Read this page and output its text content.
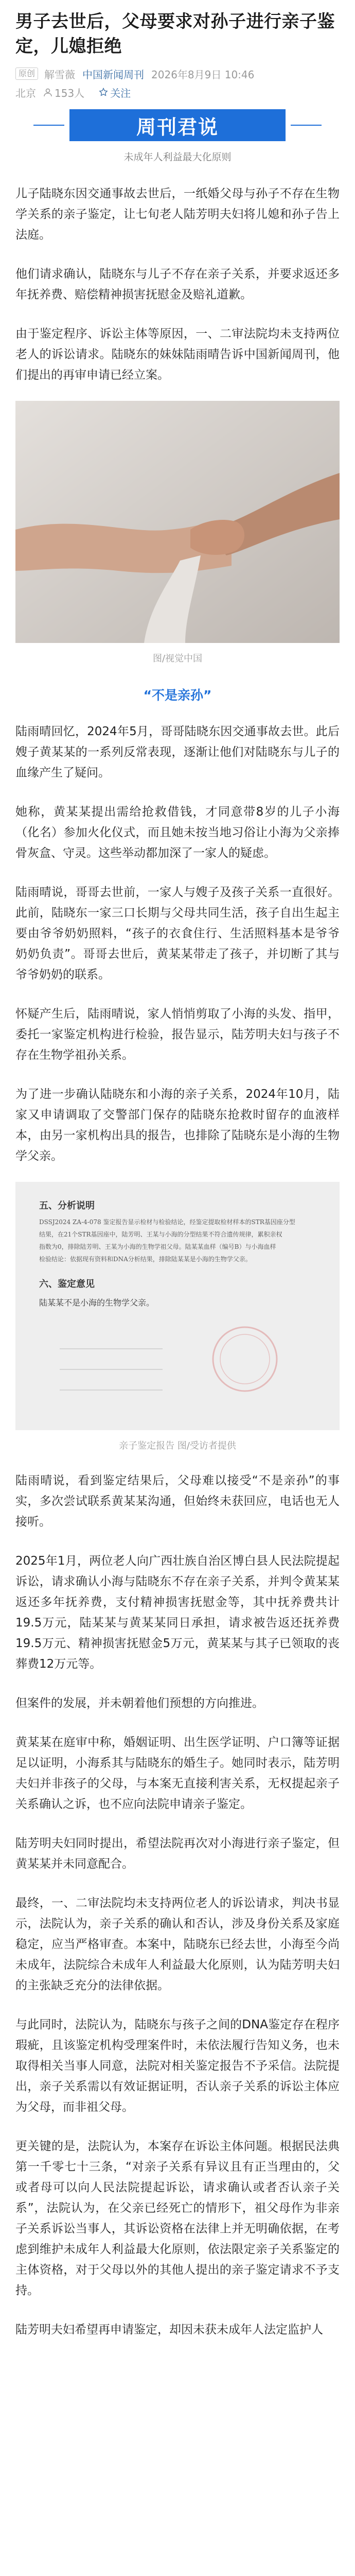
男子去世后，父母要求对孙子进行亲子鉴定，儿媳拒绝
原创 解雪薇 中国新闻周刊 2026年8月9日 10:46
北京 153人	关注
周刊君说
未成年人利益最大化原则

儿子陆晓东因交通事故去世后，一纸婚父母与孙子不存在生物学关系的亲子鉴定，让七旬老人陆芳明夫妇将儿媳和孙子告上法庭。

他们请求确认，陆晓东与儿子不存在亲子关系，并要求返还多年抚养费、赔偿精神损害抚慰金及赔礼道歉。

由于鉴定程序、诉讼主体等原因，一、二审法院均未支持两位老人的诉讼请求。陆晓东的妹妹陆雨晴告诉中国新闻周刊，他们提出的再审申请已经立案。

图/视觉中国
“不是亲孙”

陆雨晴回忆，2024年5月，哥哥陆晓东因交通事故去世。此后嫂子黄某某的一系列反常表现，逐渐让他们对陆晓东与儿子的血缘产生了疑问。

她称，黄某某提出需给抢救借钱，才同意带8岁的儿子小海（化名）参加火化仪式，而且她未按当地习俗让小海为父亲捧骨灰盒、守灵。这些举动都加深了一家人的疑虑。

陆雨晴说，哥哥去世前，一家人与嫂子及孩子关系一直很好。此前，陆晓东一家三口长期与父母共同生活，孩子自出生起主要由爷爷奶奶照料，“孩子的衣食住行、生活照料基本是爷爷奶奶负责”。哥哥去世后，黄某某带走了孩子，并切断了其与爷爷奶奶的联系。

怀疑产生后，陆雨晴说，家人悄悄剪取了小海的头发、指甲，委托一家鉴定机构进行检验，报告显示，陆芳明夫妇与孩子不存在生物学祖孙关系。

为了进一步确认陆晓东和小海的亲子关系，2024年10月，陆家又申请调取了交警部门保存的陆晓东抢救时留存的血液样本，由另一家机构出具的报告，也排除了陆晓东是小海的生物学父亲。

五、分析说明
DSSJ2024 ZA-4-078 鉴定报告显示检材与检验结论，经鉴定提取检材样本的STR基因座分型
结果，在21个STR基因座中，陆芳明、王某与小海的分型结果不符合遗传规律，累积亲权
指数为0，排除陆芳明、王某为小海的生物学祖父母。陆某某血样（编号B）与小海血样
检验结论：依据现有资料和DNA分析结果，排除陆某某是小海的生物学父亲。
六、鉴定意见
陆某某不是小海的生物学父亲。
亲子鉴定报告 图/受访者提供

陆雨晴说，看到鉴定结果后，父母难以接受“不是亲孙”的事实，多次尝试联系黄某某沟通，但始终未获回应，电话也无人接听。

2025年1月，两位老人向广西壮族自治区博白县人民法院提起诉讼，请求确认小海与陆晓东不存在亲子关系，并判令黄某某返还多年抚养费，支付精神损害抚慰金等，其中抚养费共计19.5万元，陆某某与黄某某同日承担，请求被告返还抚养费19.5万元、精神损害抚慰金5万元，黄某某与其子已领取的丧葬费12万元等。

但案件的发展，并未朝着他们预想的方向推进。

黄某某在庭审中称，婚姻证明、出生医学证明、户口簿等证据足以证明，小海系其与陆晓东的婚生子。她同时表示，陆芳明夫妇并非孩子的父母，与本案无直接利害关系，无权提起亲子关系确认之诉，也不应向法院申请亲子鉴定。

陆芳明夫妇同时提出，希望法院再次对小海进行亲子鉴定，但黄某某并未同意配合。

最终，一、二审法院均未支持两位老人的诉讼请求，判决书显示，法院认为，亲子关系的确认和否认，涉及身份关系及家庭稳定，应当严格审查。本案中，陆晓东已经去世，小海至今尚未成年，法院综合未成年人利益最大化原则，认为陆芳明夫妇的主张缺乏充分的法律依据。

与此同时，法院认为，陆晓东与孩子之间的DNA鉴定存在程序瑕疵，且该鉴定机构受理案件时，未依法履行告知义务，也未取得相关当事人同意，法院对相关鉴定报告不予采信。法院提出，亲子关系需以有效证据证明，否认亲子关系的诉讼主体应为父母，而非祖父母。

更关键的是，法院认为，本案存在诉讼主体问题。根据民法典第一千零七十三条，“对亲子关系有异议且有正当理由的，父或者母可以向人民法院提起诉讼，请求确认或者否认亲子关系”，法院认为，在父亲已经死亡的情形下，祖父母作为非亲子关系诉讼当事人，其诉讼资格在法律上并无明确依据，在考虑到维护未成年人利益最大化原则，依法限定亲子关系鉴定的主体资格，对于父母以外的其他人提出的亲子鉴定请求不予支持。

陆芳明夫妇希望再申请鉴定，却因未获未成年人法定监护人
